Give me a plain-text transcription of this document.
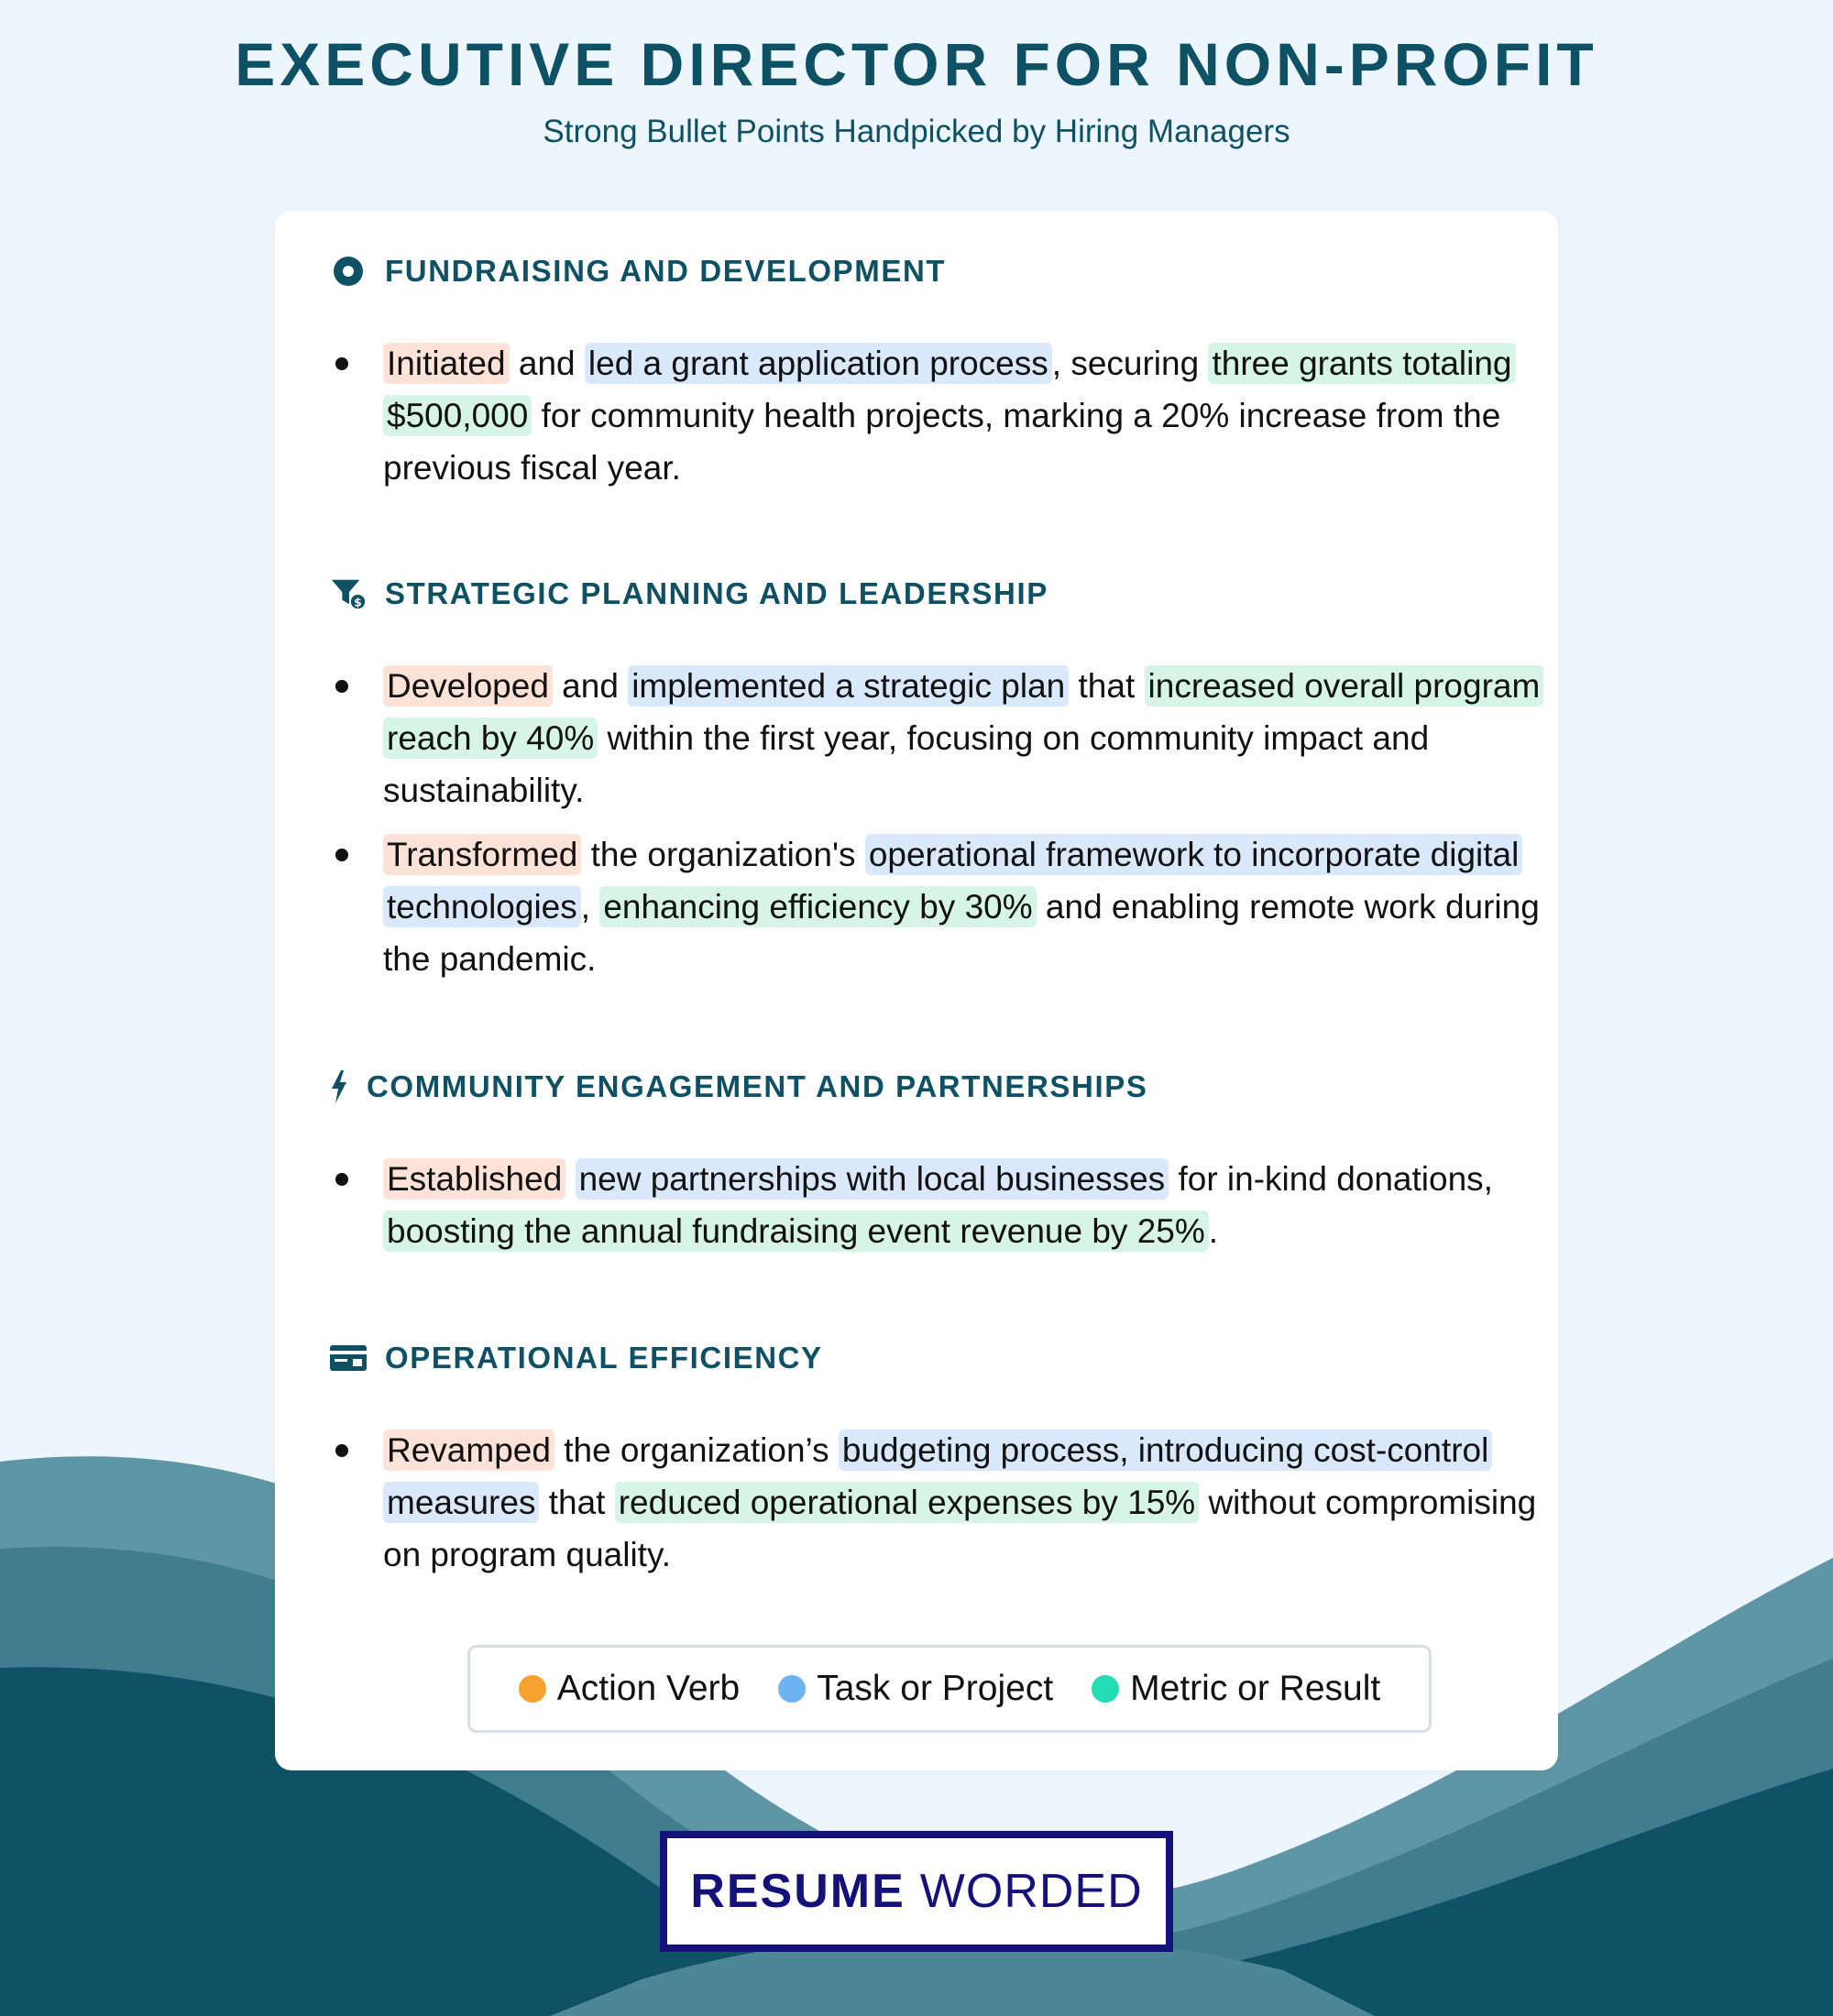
EXECUTIVE DIRECTOR FOR NON-PROFIT
Strong Bullet Points Handpicked by Hiring Managers
FUNDRAISING AND DEVELOPMENT
Initiated and led a grant application process , securing three grants totaling $500,000 for community health projects, marking a 20% increase from the previous fiscal year.
$ STRATEGIC PLANNING AND LEADERSHIP
Developed and implemented a strategic plan that increased overall program reach by 40% within the first year, focusing on community impact and sustainability.
Transformed the organization's operational framework to incorporate digital technologies , enhancing efficiency by 30% and enabling remote work during the pandemic.
COMMUNITY ENGAGEMENT AND PARTNERSHIPS
Established new partnerships with local businesses for in-kind donations, boosting the annual fundraising event revenue by 25% .
OPERATIONAL EFFICIENCY
Revamped the organization’s budgeting process, introducing cost-control measures that reduced operational expenses by 15% without compromising on program quality.
Action Verb Task or Project Metric or Result
RESUME WORDED
